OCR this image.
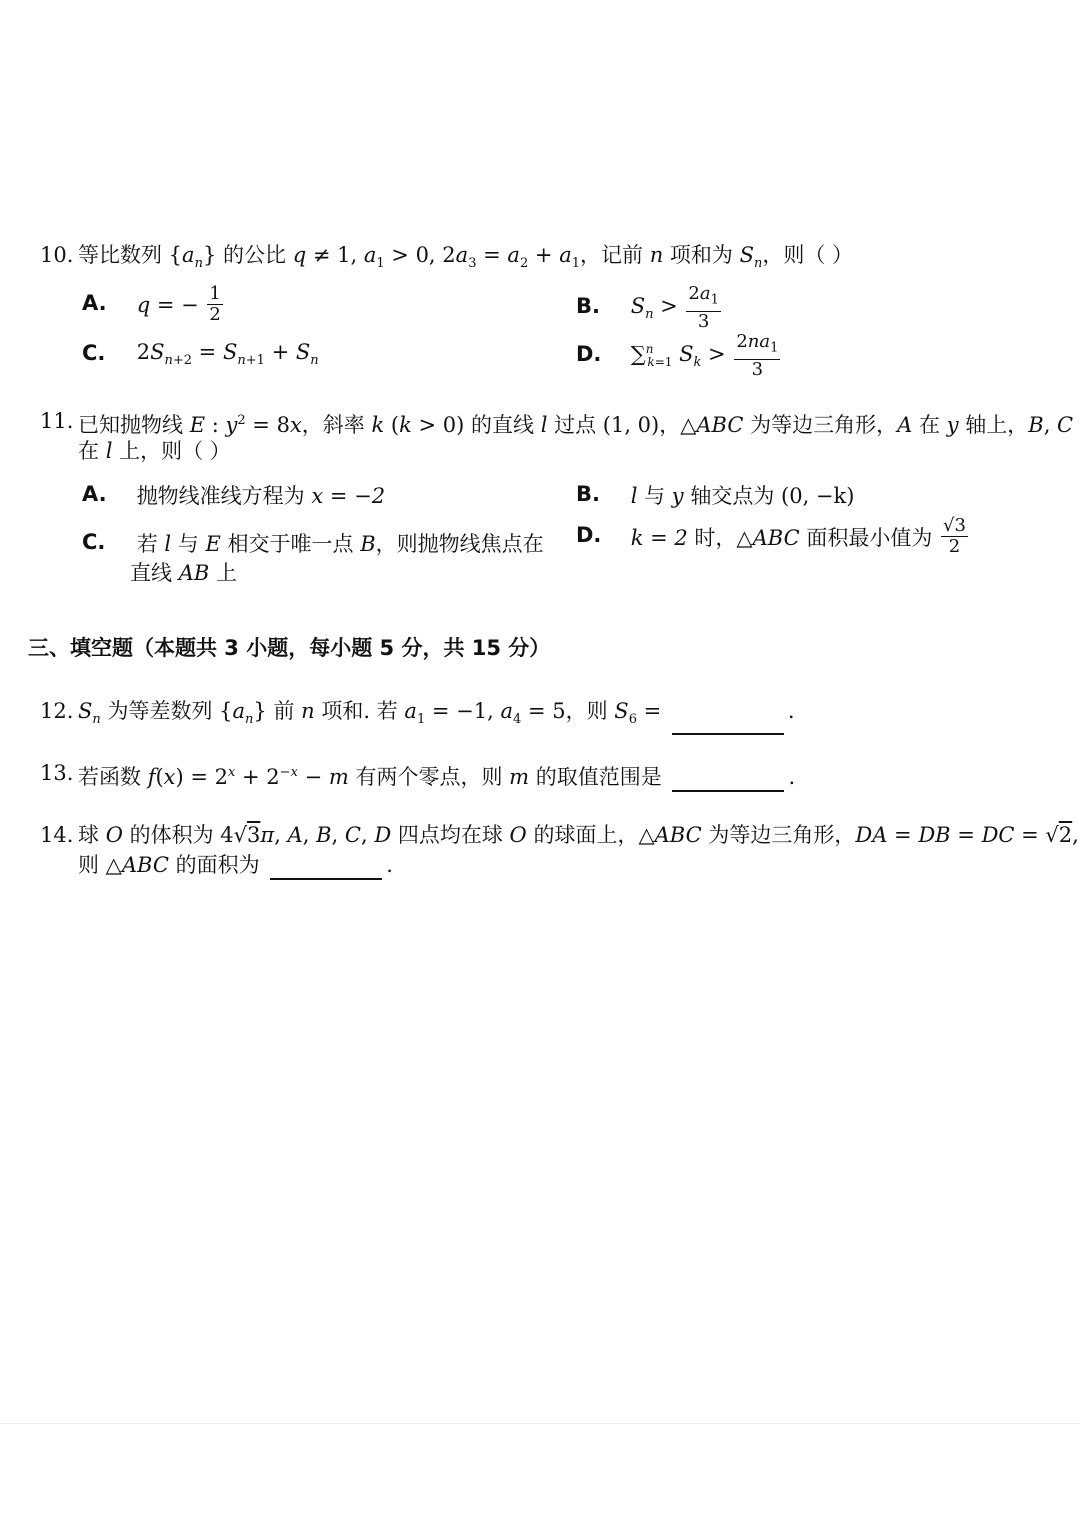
10. 等比数列 $\{a_n\}$ 的公比 q ≠ 1, $a_1 > 0$, $2a_3 = a_2 + a_1$，记前 n 项和为 $S_n$，则（ ）
A. q = − $\frac{1}{2}$	B. $S_n > \frac{2a_1}{3}$
C. $2S_{n+2} = S_{n+1} + S_n$	D. ∑$^n_{k=1}$ $S_k > \frac{2na_1}{3}$
11. 已知抛物线 E : $y^2 = 8x$，斜率 k (k > 0) 的直线 l 过点 (1, 0)，△ABC 为等边三角形，A 在 y 轴上，B, C
在 l 上，则（ ）
A. 抛物线准线方程为 x = −2	B. l 与 y 轴交点为 (0, −k)
C. 若 l 与 E 相交于唯一点 B，则抛物线焦点在
直线 AB 上
D. k = 2 时，△ABC 面积最小值为 $\frac{√3}{2}$
三、填空题（本题共 3 小题，每小题 5 分，共 15 分）
12. $S_n$ 为等差数列 $\{a_n\}$ 前 n 项和. 若 $a_1 = -1$, $a_4 = 5$，则 $S_6$ =	.
13. 若函数 $f(x) = 2^x + 2^{-x} - m$ 有两个零点，则 m 的取值范围是	.
14. 球 O 的体积为 4√3π, A, B, C, D 四点均在球 O 的球面上，△ABC 为等边三角形，DA = DB = DC = √2,
则 △ABC 的面积为	.
